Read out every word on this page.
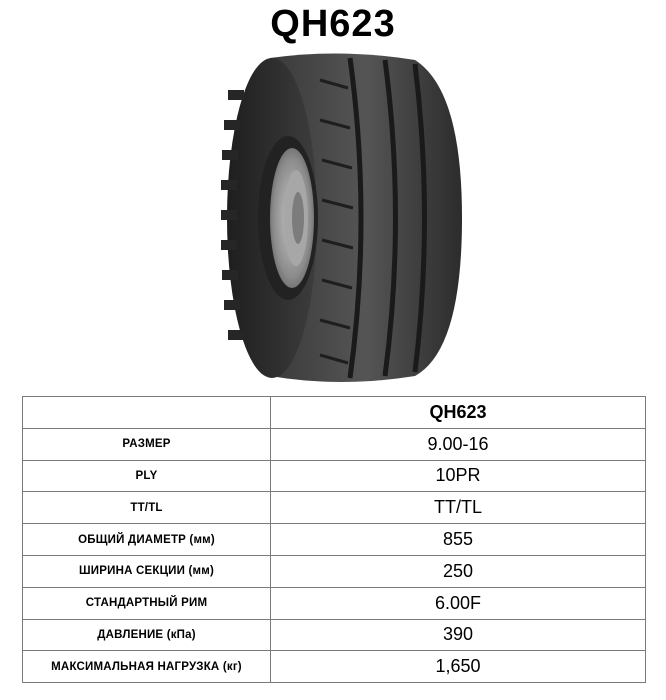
QH623
	QH623
РАЗМЕР	9.00-16
PLY	10PR
TT/TL	TT/TL
ОБЩИЙ ДИАМЕТР (мм)	855
ШИРИНА СЕКЦИИ (мм)	250
СТАНДАРТНЫЙ РИМ	6.00F
ДАВЛЕНИЕ (кПа)	390
МАКСИМАЛЬНАЯ НАГРУЗКА (кг)	1,650
